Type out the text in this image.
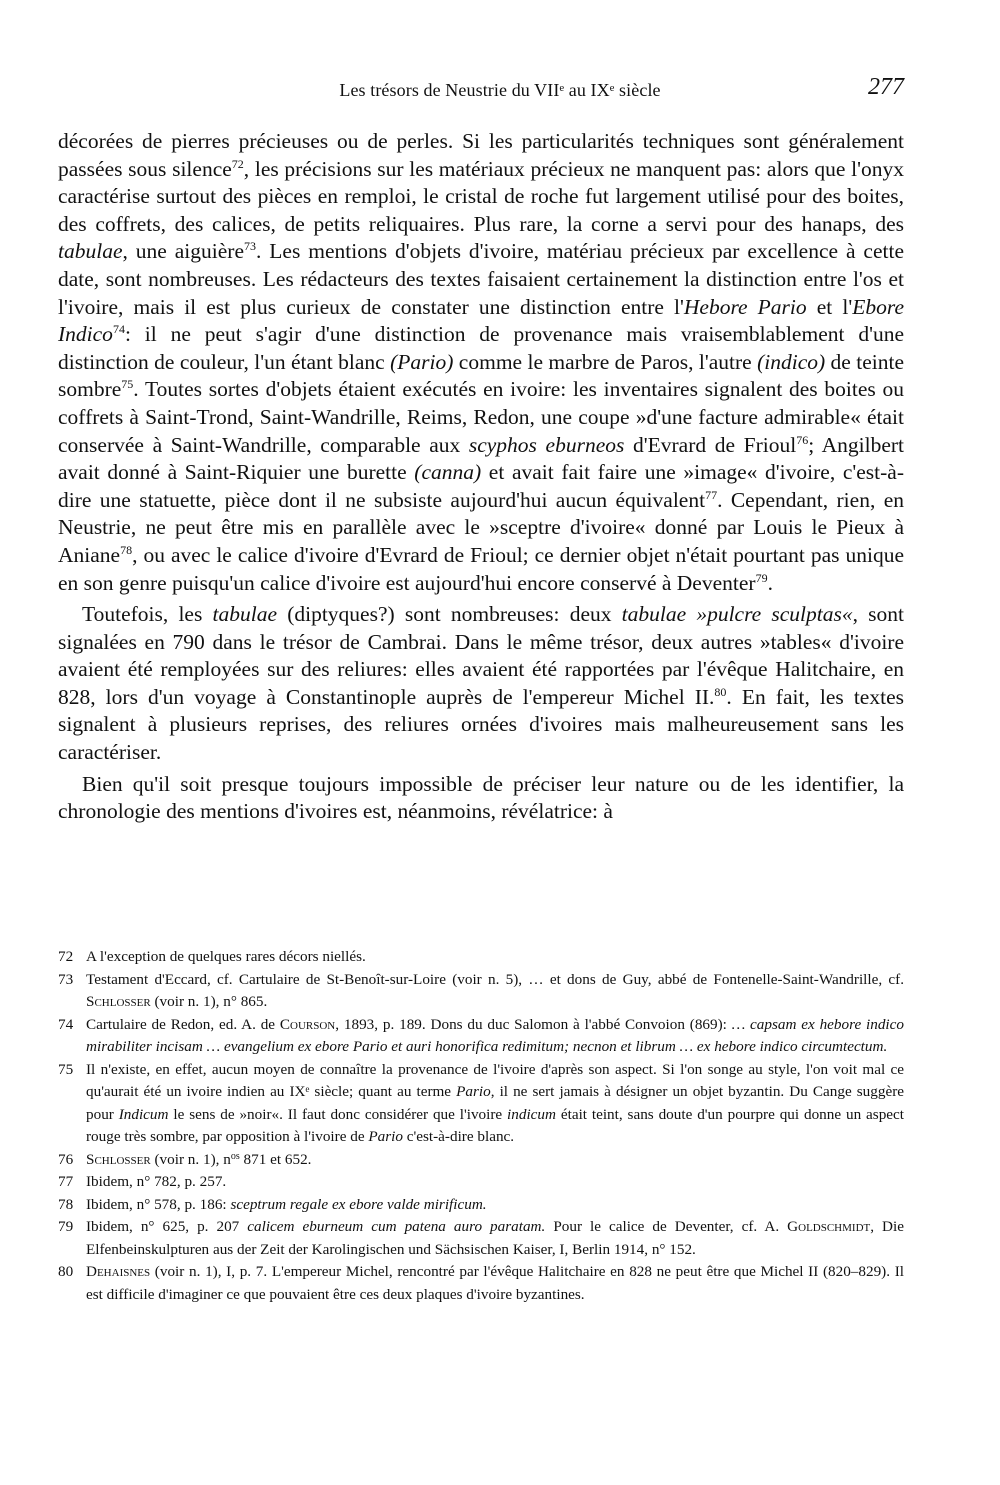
Les trésors de Neustrie du VIIᵉ au IXᵉ siècle	277

décorées de pierres précieuses ou de perles. Si les particularités techniques sont généralement passées sous silence$^{72}$, les précisions sur les matériaux précieux ne manquent pas: alors que l'onyx caractérise surtout des pièces en remploi, le cristal de roche fut largement utilisé pour des boites, des coffrets, des calices, de petits reliquaires. Plus rare, la corne a servi pour des hanaps, des tabulae, une aiguière$^{73}$. Les mentions d'objets d'ivoire, matériau précieux par excellence à cette date, sont nombreuses. Les rédacteurs des textes faisaient certainement la distinction entre l'os et l'ivoire, mais il est plus curieux de constater une distinction entre l'Hebore Pario et l'Ebore Indico$^{74}$: il ne peut s'agir d'une distinction de provenance mais vraisemblablement d'une distinction de couleur, l'un étant blanc (Pario) comme le marbre de Paros, l'autre (indico) de teinte sombre$^{75}$. Toutes sortes d'objets étaient exécutés en ivoire: les inventaires signalent des boites ou coffrets à Saint-Trond, Saint-Wandrille, Reims, Redon, une coupe »d'une facture admirable« était conservée à Saint-Wandrille, comparable aux scyphos eburneos d'Evrard de Frioul$^{76}$; Angilbert avait donné à Saint-Riquier une burette (canna) et avait fait faire une »image« d'ivoire, c'est-à-dire une statuette, pièce dont il ne subsiste aujourd'hui aucun équivalent$^{77}$. Cependant, rien, en Neustrie, ne peut être mis en parallèle avec le »sceptre d'ivoire« donné par Louis le Pieux à Aniane$^{78}$, ou avec le calice d'ivoire d'Evrard de Frioul; ce dernier objet n'était pourtant pas unique en son genre puisqu'un calice d'ivoire est aujourd'hui encore conservé à Deventer$^{79}$.

Toutefois, les tabulae (diptyques?) sont nombreuses: deux tabulae »pulcre sculptas«, sont signalées en 790 dans le trésor de Cambrai. Dans le même trésor, deux autres »tables« d'ivoire avaient été remployées sur des reliures: elles avaient été rapportées par l'évêque Halitchaire, en 828, lors d'un voyage à Constantinople auprès de l'empereur Michel II.$^{80}$. En fait, les textes signalent à plusieurs reprises, des reliures ornées d'ivoires mais malheureusement sans les caractériser.

Bien qu'il soit presque toujours impossible de préciser leur nature ou de les identifier, la chronologie des mentions d'ivoires est, néanmoins, révélatrice: à

72 A l'exception de quelques rares décors niellés.
73 Testament d'Eccard, cf. Cartulaire de St-Benoît-sur-Loire (voir n. 5), … et dons de Guy, abbé de Fontenelle-Saint-Wandrille, cf. Schlosser (voir n. 1), n° 865.
74 Cartulaire de Redon, ed. A. de Courson, 1893, p. 189. Dons du duc Salomon à l'abbé Convoion (869): … capsam ex hebore indico mirabiliter incisam … evangelium ex ebore Pario et auri honorifica redimitum; necnon et librum … ex hebore indico circumtectum.
75 Il n'existe, en effet, aucun moyen de connaître la provenance de l'ivoire d'après son aspect. Si l'on songe au style, l'on voit mal ce qu'aurait été un ivoire indien au IXᵉ siècle; quant au terme Pario, il ne sert jamais à désigner un objet byzantin. Du Cange suggère pour Indicum le sens de »noir«. Il faut donc considérer que l'ivoire indicum était teint, sans doute d'un pourpre qui donne un aspect rouge très sombre, par opposition à l'ivoire de Pario c'est-à-dire blanc.
76 Schlosser (voir n. 1), $n^{os}$ 871 et 652.
77 Ibidem, n° 782, p. 257.
78 Ibidem, n° 578, p. 186: sceptrum regale ex ebore valde mirificum.
79 Ibidem, n° 625, p. 207 calicem eburneum cum patena auro paratam. Pour le calice de Deventer, cf. A. Goldschmidt, Die Elfenbeinskulpturen aus der Zeit der Karolingischen und Sächsischen Kaiser, I, Berlin 1914, n° 152.
80 Dehaisnes (voir n. 1), I, p. 7. L'empereur Michel, rencontré par l'évêque Halitchaire en 828 ne peut être que Michel II (820–829). Il est difficile d'imaginer ce que pouvaient être ces deux plaques d'ivoire byzantines.
